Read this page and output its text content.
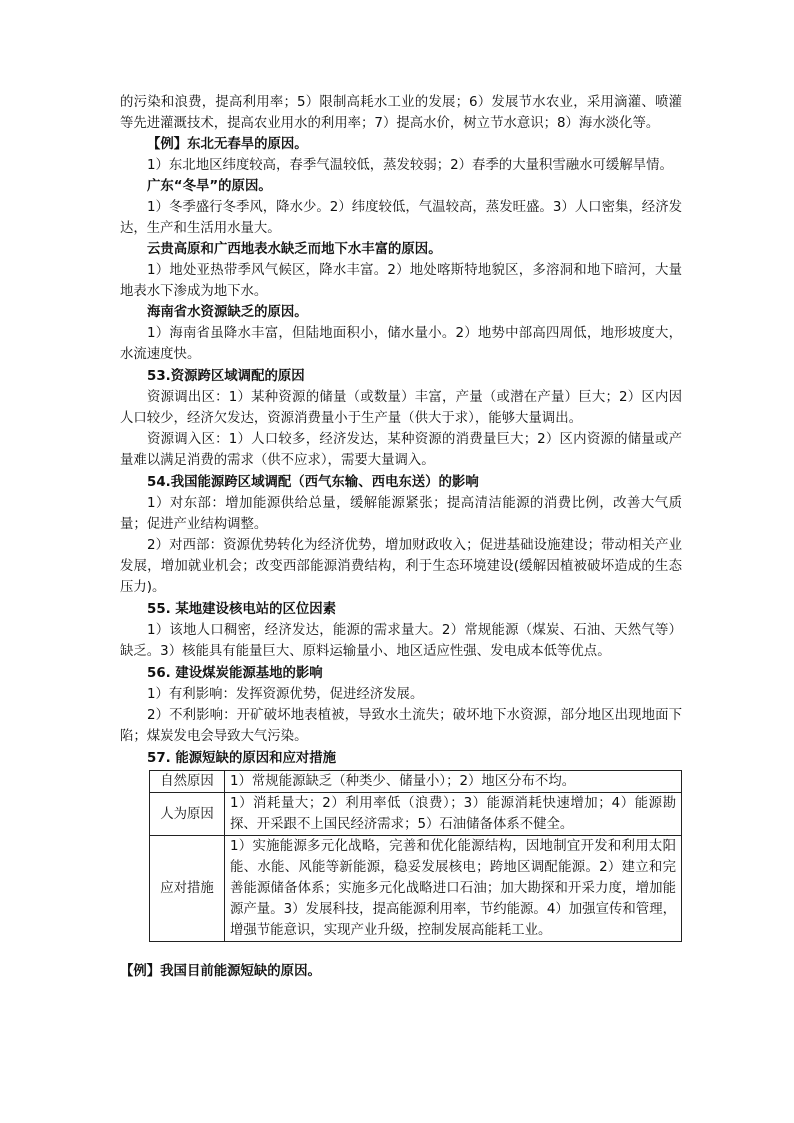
的污染和浪费，提高利用率；5）限制高耗水工业的发展；6）发展节水农业，采用滴灌、喷灌等先进灌溉技术，提高农业用水的利用率；7）提高水价，树立节水意识；8）海水淡化等。

【例】东北无春旱的原因。

1）东北地区纬度较高，春季气温较低，蒸发较弱；2）春季的大量积雪融水可缓解旱情。

广东“冬旱”的原因。

1）冬季盛行冬季风，降水少。2）纬度较低，气温较高，蒸发旺盛。3）人口密集，经济发达，生产和生活用水量大。

云贵高原和广西地表水缺乏而地下水丰富的原因。

1）地处亚热带季风气候区，降水丰富。2）地处喀斯特地貌区，多溶洞和地下暗河，大量地表水下渗成为地下水。

海南省水资源缺乏的原因。

1）海南省虽降水丰富，但陆地面积小，储水量小。2）地势中部高四周低，地形坡度大，水流速度快。

53.资源跨区域调配的原因

资源调出区：1）某种资源的储量（或数量）丰富，产量（或潜在产量）巨大；2）区内因人口较少，经济欠发达，资源消费量小于生产量（供大于求），能够大量调出。

资源调入区：1）人口较多，经济发达，某种资源的消费量巨大；2）区内资源的储量或产量难以满足消费的需求（供不应求），需要大量调入。

54.我国能源跨区域调配（西气东输、西电东送）的影响

1）对东部：增加能源供给总量，缓解能源紧张；提高清洁能源的消费比例，改善大气质量；促进产业结构调整。

2）对西部：资源优势转化为经济优势，增加财政收入；促进基础设施建设；带动相关产业发展，增加就业机会；改变西部能源消费结构，利于生态环境建设(缓解因植被破坏造成的生态压力)。

55. 某地建设核电站的区位因素

1）该地人口稠密，经济发达，能源的需求量大。2）常规能源（煤炭、石油、天然气等）缺乏。3）核能具有能量巨大、原料运输量小、地区适应性强、发电成本低等优点。

56. 建设煤炭能源基地的影响

1）有利影响：发挥资源优势，促进经济发展。

2）不利影响：开矿破坏地表植被，导致水土流失；破坏地下水资源，部分地区出现地面下陷；煤炭发电会导致大气污染。

57. 能源短缺的原因和应对措施

自然原因	1）常规能源缺乏（种类少、储量小）；2）地区分布不均。
人为原因	1）消耗量大；2）利用率低（浪费）；3）能源消耗快速增加；4）能源勘探、开采跟不上国民经济需求；5）石油储备体系不健全。
应对措施	1）实施能源多元化战略，完善和优化能源结构，因地制宜开发和利用太阳能、水能、风能等新能源，稳妥发展核电；跨地区调配能源。2）建立和完善能源储备体系；实施多元化战略进口石油；加大勘探和开采力度，增加能源产量。3）发展科技，提高能源利用率，节约能源。4）加强宣传和管理，增强节能意识，实现产业升级，控制发展高能耗工业。

【例】我国目前能源短缺的原因。
